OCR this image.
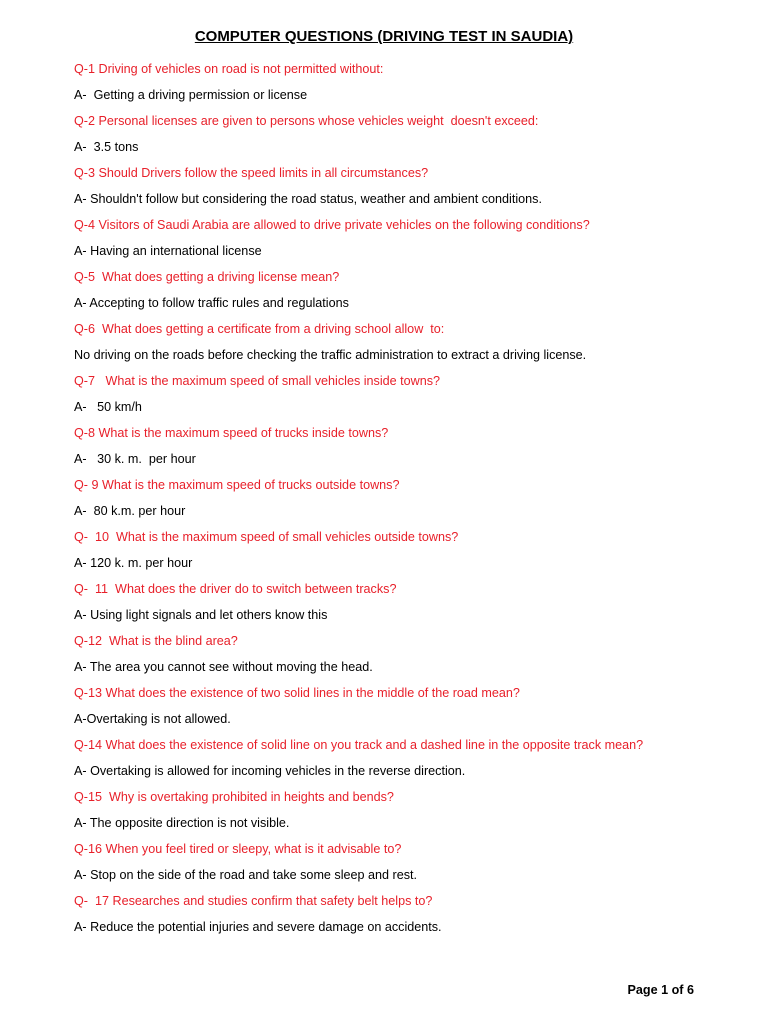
COMPUTER QUESTIONS (DRIVING TEST IN SAUDIA)
Q-1 Driving of vehicles on road is not permitted without:
A-  Getting a driving permission or license
Q-2 Personal licenses are given to persons whose vehicles weight  doesn't exceed:
A-  3.5 tons
Q-3 Should Drivers follow the speed limits in all circumstances?
A- Shouldn't follow but considering the road status, weather and ambient conditions.
Q-4 Visitors of Saudi Arabia are allowed to drive private vehicles on the following conditions?
A- Having an international license
Q-5  What does getting a driving license mean?
A- Accepting to follow traffic rules and regulations
Q-6  What does getting a certificate from a driving school allow  to:
No driving on the roads before checking the traffic administration to extract a driving license.
Q-7   What is the maximum speed of small vehicles inside towns?
A-   50 km/h
Q-8 What is the maximum speed of trucks inside towns?
A-   30 k. m.  per hour
Q- 9 What is the maximum speed of trucks outside towns?
A-  80 k.m. per hour
Q-  10  What is the maximum speed of small vehicles outside towns?
A- 120 k. m. per hour
Q-  11  What does the driver do to switch between tracks?
A- Using light signals and let others know this
Q-12  What is the blind area?
A- The area you cannot see without moving the head.
Q-13 What does the existence of two solid lines in the middle of the road mean?
A-Overtaking is not allowed.
Q-14 What does the existence of solid line on you track and a dashed line in the opposite track mean?
A- Overtaking is allowed for incoming vehicles in the reverse direction.
Q-15  Why is overtaking prohibited in heights and bends?
A- The opposite direction is not visible.
Q-16 When you feel tired or sleepy, what is it advisable to?
A- Stop on the side of the road and take some sleep and rest.
Q-  17 Researches and studies confirm that safety belt helps to?
A- Reduce the potential injuries and severe damage on accidents.
Page 1 of 6
